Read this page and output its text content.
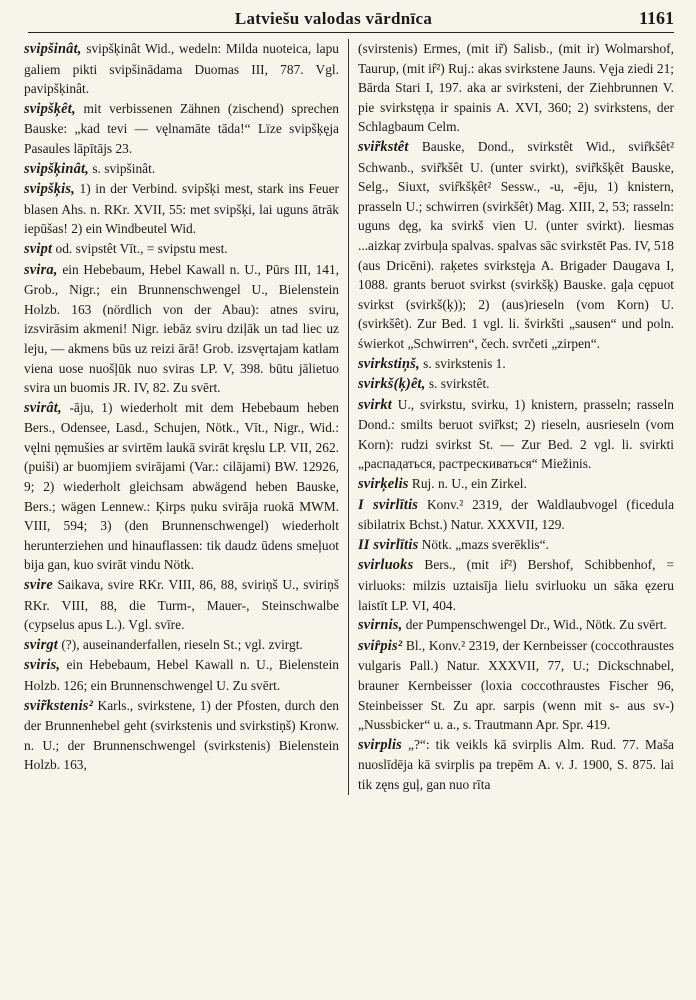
Latviešu valodas vārdnīca	1161
svipšinât, svipšķinât Wid., wedeln: Milda nuoteica, lapu galiem pikti svipšinādama Duomas III, 787. Vgl. pavipšķinât.
svipšķêt, mit verbissenen Zähnen (zischend) sprechen Bauske: „kad tevi — vęlnamāte tāda!“ Lïze svipšķęja Pasaules lāpītājs 23.
svipšķinât, s. svipšinât.
svipšķis, 1) in der Verbind. svipšķi mest, stark ins Feuer blasen Ahs. n. RKr. XVII, 55: met svipšķi, lai uguns ātrāk iepūšas! 2) ein Windbeutel Wid.
svipt od. svipstêt Vīt., = svipstu mest.
svira, ein Hebebaum, Hebel Kawall n. U., Pūrs III, 141, Grob., Nigr.; ein Brunnenschwengel U., Bielenstein Holzb. 163 (nördlich von der Abau): atnes sviru, izsvirāsim akmeni! Nigr. iebāz sviru dziļāk un tad liec uz leju, — akmens būs uz reizi ārā! Grob. izsvęrtajam katlam viena uose nuošļūk nuo sviras LP. V, 398. būtu jālietuo svira un buomis JR. IV, 82. Zu svērt.
svirât, -āju, 1) wiederholt mit dem Hebebaum heben Bers., Odensee, Lasd., Schujen, Nötk., Vīt., Nigr., Wid.: vęlni ņęmušies ar svirtēm laukā svirāt kręslu LP. VII, 262. (puiši) ar buomjiem svirājami (Var.: cilājami) BW. 12926, 9; 2) wiederholt gleichsam abwägend heben Bauske, Bers.; wägen Lennew.: Ķirps ņuku svirāja ruokā MWM. VIII, 594; 3) (den Brunnenschwengel) wiederholt herunterziehen und hinauflassen: tik daudz ūdens smeļuot bija gan, kuo svirāt vindu Nötk.
svire Saikava, svire RKr. VIII, 86, 88, sviriņš U., sviriņš RKr. VIII, 88, die Turm-, Mauer-, Steinschwalbe (cypselus apus L.). Vgl. svīre.
svirgt (?), auseinanderfallen, rieseln St.; vgl. zvirgt.
sviris, ein Hebebaum, Hebel Kawall n. U., Bielenstein Holzb. 126; ein Brunnenschwengel U. Zu svērt.
svir̃kstenis² Karls., svirkstene, 1) der Pfosten, durch den der Brunnenhebel geht (svirkstenis und svirkstiņš) Kronw. n. U.; der Brunnenschwengel (svirkstenis) Bielenstein Holzb. 163,
(svirstenis) Ermes, (mit ir̃) Salisb., (mit ir) Wolmarshof, Taurup, (mit ir̂²) Ruj.: akas svirkstene Jauns. Vęja ziedi 21; Bārda Stari I, 197. aka ar svirksteni, der Ziehbrunnen V. pie svirkstęņa ir spainis A. XVI, 360; 2) svirkstens, der Schlagbaum Celm.
svir̃kstêt Bauske, Dond., svirkstêt Wid., svir̂kšêt² Schwanb., svir̃kšêt U. (unter svirkt), svir̃kšķêt Bauske, Selg., Siuxt, svir̂kšķêt² Sessw., -u, -ēju, 1) knistern, prasseln U.; schwirren (svirkšêt) Mag. XIII, 2, 53; rasseln: uguns dęg, ka svirkš vien U. (unter svirkt). liesmas ...aizkaŗ zvirbuļa spalvas. spalvas sāc svirkstēt Pas. IV, 518 (aus Dricēni). raķetes svirkstęja A. Brigader Daugava I, 1088. grants beruot svirkst (svirkšķ) Bauske. gaļa cępuot svirkst (svirkš(ķ)); 2) (aus)rieseln (vom Korn) U. (svirkšêt). Zur Bed. 1 vgl. li. švirkšti „sausen“ und poln. świerkot „Schwirren“, čech. svrčeti „zirpen“.
svirkstiņš, s. svirkstenis 1.
svirkš(ķ)êt, s. svirkstêt.
svirkt U., svirkstu, svirku, 1) knistern, prasseln; rasseln Dond.: smilts beruot svir̃kst; 2) rieseln, ausrieseln (vom Korn): rudzi svirkst St. — Zur Bed. 2 vgl. li. svirkti „распадаться, растрескиваться“ Miežinis.
svirķelis Ruj. n. U., ein Zirkel.
I svirlītis Konv.² 2319, der Waldlaubvogel (ficedula sibilatrix Bchst.) Natur. XXXVII, 129.
II svirlītis Nötk. „mazs sverēklis“.
svirluoks Bers., (mit ir̂²) Bershof, Schibbenhof, = virluoks: milzis uztaisīja lielu svirluoku un sāka ęzeru laistīt LP. VI, 404.
svirnis, der Pumpenschwengel Dr., Wid., Nötk. Zu svērt.
svir̂pis² Bl., Konv.² 2319, der Kernbeisser (coccothraustes vulgaris Pall.) Natur. XXXVII, 77, U.; Dickschnabel, brauner Kernbeisser (loxia coccothraustes Fischer 96, Steinbeisser St. Zu apr. sarpis (wenn mit s- aus sv-) „Nussbicker“ u. a., s. Trautmann Apr. Spr. 419.
svirplis „?“: tik veikls kā svirplis Alm. Rud. 77. Maša nuoslīdēja kā svirplis pa trepēm A. v. J. 1900, S. 875. lai tik zęns guļ, gan nuo rīta
